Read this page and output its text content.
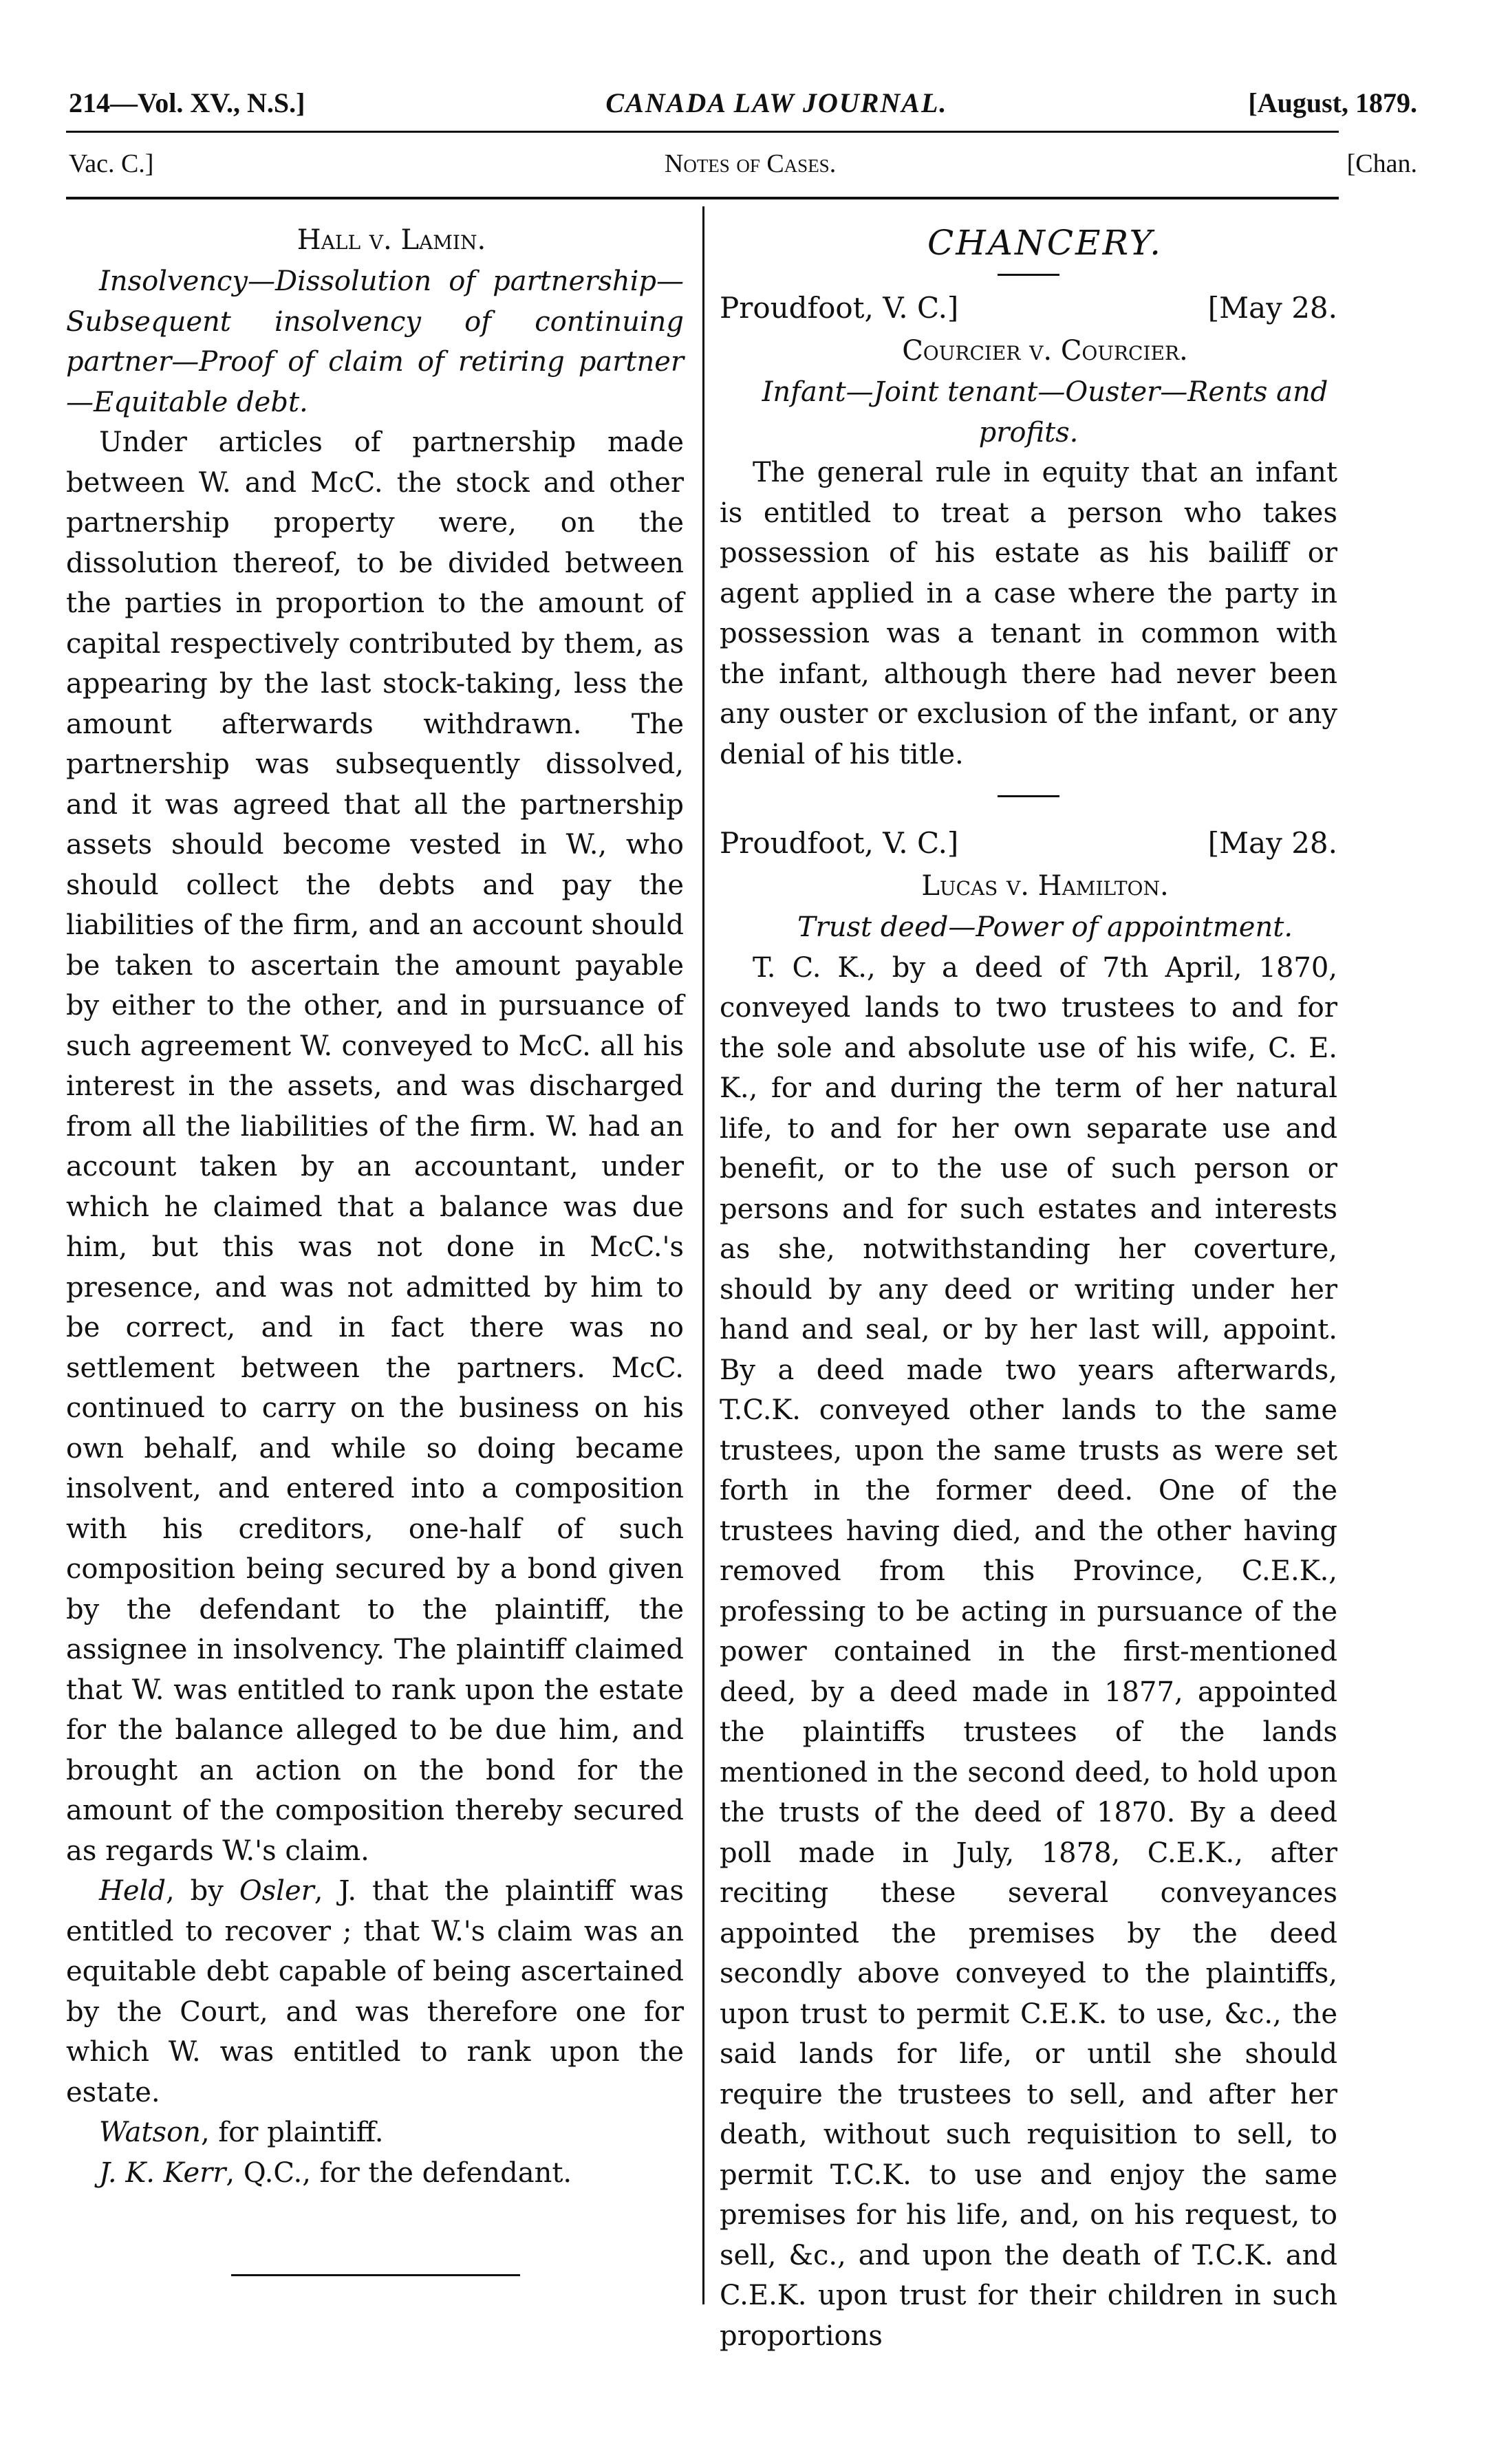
214—Vol. XV., N.S.]	CANADA LAW JOURNAL.	[August, 1879.
Vac. C.]	Notes of Cases.	[Chan.

Hall v. Lamin.

Insolvency—Dissolution of partnership—Subsequent insolvency of continuing partner—Proof of claim of retiring partner—Equitable debt.

Under articles of partnership made between W. and McC. the stock and other partnership property were, on the dissolution thereof, to be divided between the parties in proportion to the amount of capital respectively contributed by them, as appearing by the last stock-taking, less the amount afterwards withdrawn. The partnership was subsequently dissolved, and it was agreed that all the partnership assets should become vested in W., who should collect the debts and pay the liabilities of the firm, and an account should be taken to ascertain the amount payable by either to the other, and in pursuance of such agreement W. conveyed to McC. all his interest in the assets, and was discharged from all the liabilities of the firm. W. had an account taken by an accountant, under which he claimed that a balance was due him, but this was not done in McC.'s presence, and was not admitted by him to be correct, and in fact there was no settlement between the partners. McC. continued to carry on the business on his own behalf, and while so doing became insolvent, and entered into a composition with his creditors, one-half of such composition being secured by a bond given by the defendant to the plaintiff, the assignee in insolvency. The plaintiff claimed that W. was entitled to rank upon the estate for the balance alleged to be due him, and brought an action on the bond for the amount of the composition thereby secured as regards W.'s claim.

Held, by Osler, J. that the plaintiff was entitled to recover ; that W.'s claim was an equitable debt capable of being ascertained by the Court, and was therefore one for which W. was entitled to rank upon the estate.

Watson, for plaintiff.

J. K. Kerr, Q.C., for the defendant.

CHANCERY.

Proudfoot, V. C.]	[May 28.

Courcier v. Courcier.

Infant—Joint tenant—Ouster—Rents and profits.

The general rule in equity that an infant is entitled to treat a person who takes possession of his estate as his bailiff or agent applied in a case where the party in possession was a tenant in common with the infant, although there had never been any ouster or exclusion of the infant, or any denial of his title.

Proudfoot, V. C.]	[May 28.

Lucas v. Hamilton.

Trust deed—Power of appointment.

T. C. K., by a deed of 7th April, 1870, conveyed lands to two trustees to and for the sole and absolute use of his wife, C. E. K., for and during the term of her natural life, to and for her own separate use and benefit, or to the use of such person or persons and for such estates and interests as she, notwithstanding her coverture, should by any deed or writing under her hand and seal, or by her last will, appoint. By a deed made two years afterwards, T.C.K. conveyed other lands to the same trustees, upon the same trusts as were set forth in the former deed. One of the trustees having died, and the other having removed from this Province, C.E.K., professing to be acting in pursuance of the power contained in the first-mentioned deed, by a deed made in 1877, appointed the plaintiffs trustees of the lands mentioned in the second deed, to hold upon the trusts of the deed of 1870. By a deed poll made in July, 1878, C.E.K., after reciting these several conveyances appointed the premises by the deed secondly above conveyed to the plaintiffs, upon trust to permit C.E.K. to use, &c., the said lands for life, or until she should require the trustees to sell, and after her death, without such requisition to sell, to permit T.C.K. to use and enjoy the same premises for his life, and, on his request, to sell, &c., and upon the death of T.C.K. and C.E.K. upon trust for their children in such proportions
